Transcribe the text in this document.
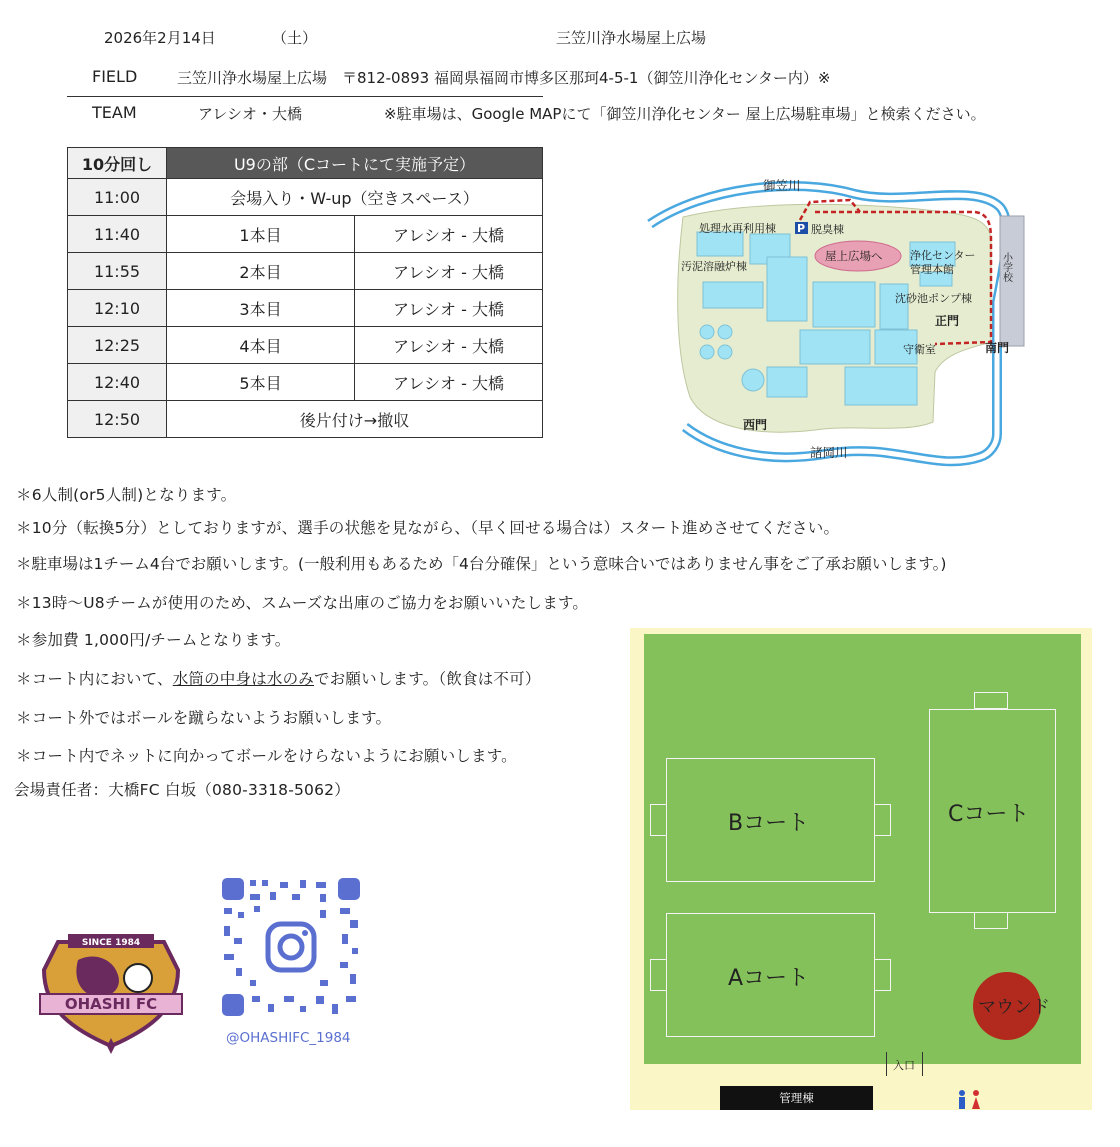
2026年2月14日	（土）	三笠川浄水場屋上広場
FIELD	三笠川浄水場屋上広場　〒812-0893 福岡県福岡市博多区那珂4-5-1（御笠川浄化センター内）※
TEAM	アレシオ・大橋	※駐車場は、Google MAPにて「御笠川浄化センター 屋上広場駐車場」と検索ください。
10分回し	U9の部（Cコートにて実施予定）	
11:00	会場入り・W-up（空きスペース）	
11:40	1本目	アレシオ - 大橋
11:55	2本目	アレシオ - 大橋
12:10	3本目	アレシオ - 大橋
12:25	4本目	アレシオ - 大橋
12:40	5本目	アレシオ - 大橋
12:50	後片付け→撤収	
P
御笠川
諸岡川
処理水再利用棟	脱臭棟
屋上広場へ
汚泥溶融炉棟
浄化センター
管理本館
沈砂池ポンプ棟
正門
守衛室	南門
西門
小学校
＊6人制(or5人制)となります。
＊10分（転換5分）としておりますが、選手の状態を見ながら、（早く回せる場合は）スタート進めさせてください。
＊駐車場は1チーム4台でお願いします。(一般利用もあるため「4台分確保」という意味合いではありません事をご了承お願いします。)
＊13時～U8チームが使用のため、スムーズな出庫のご協力をお願いいたします。
＊参加費 1,000円/チームとなります。
＊コート内において、水筒の中身は水のみでお願いします。（飲食は不可）
＊コート外ではボールを蹴らないようお願いします。
＊コート内でネットに向かってボールをけらないようにお願いします。
会場責任者：大橋FC 白坂（080-3318-5062）
SINCE 1984
OHASHI FC
@OHASHIFC_1984
Bコート
Aコート
Cコート
マウンド
入口
管理棟
